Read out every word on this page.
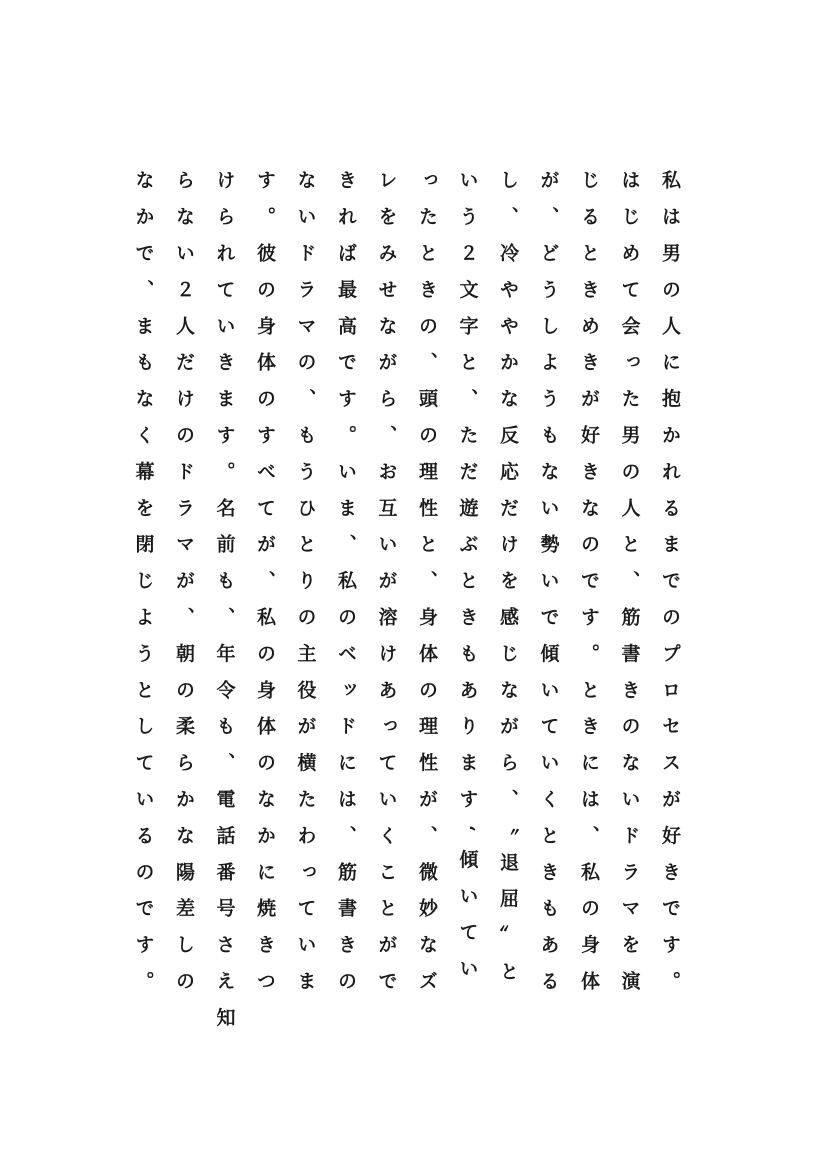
私は男の人に抱かれるまでのプロセスが好きです。

はじめて会った男の人と、筋書きのないドラマを演

じるときめきが好きなのです。ときには、私の身体

が、どうしようもない勢いで傾いていくときもある

し、冷ややかな反応だけを感じながら、〝退屈〟と

いう２文字と、ただ遊ぶときもありますʻ傾いてい

ったときの、頭の理性と、身体の理性が、微妙なズ

レをみせながら、お互いが溶けあっていくことがで

きれば最高です。いま、私のベッドには、筋書きの

ないドラマの、もうひとりの主役が横たわっていま

す。彼の身体のすべてが、私の身体のなかに焼きつ

けられていきます。名前も、年令も、電話番号さえ知

らない２人だけのドラマが、朝の柔らかな陽差しの

なかで、まもなく幕を閉じようとしているのです。
